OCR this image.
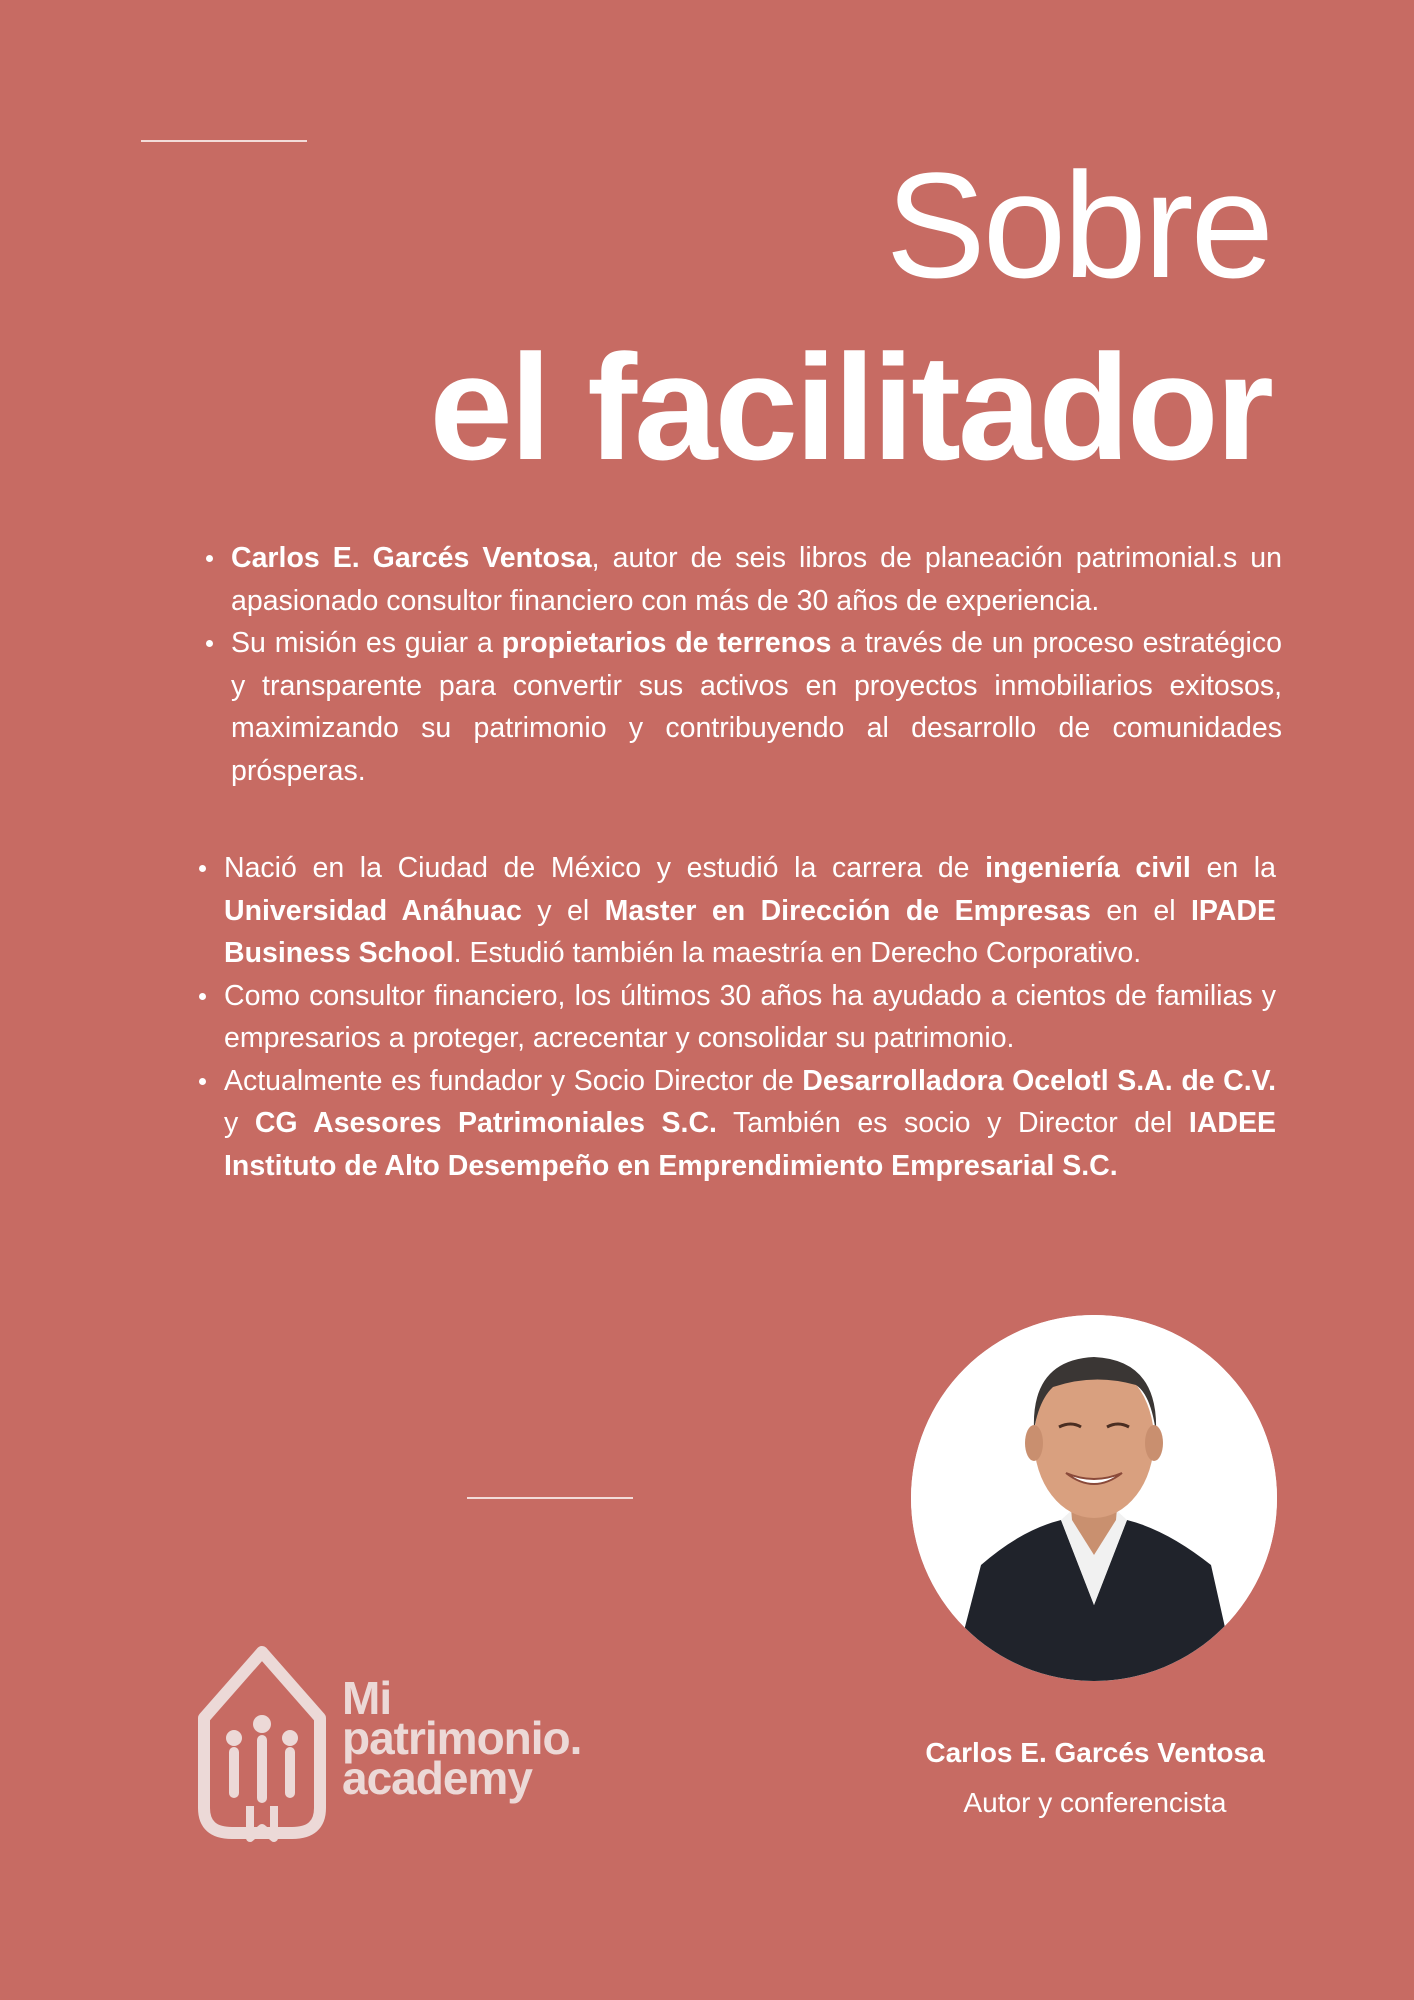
Sobre
el facilitador
Carlos E. Garcés Ventosa, autor de seis libros de planeación patrimonial.s un apasionado consultor financiero con más de 30 años de experiencia.
Su misión es guiar a propietarios de terrenos a través de un proceso estratégico y transparente para convertir sus activos en proyectos inmobiliarios exitosos, maximizando su patrimonio y contribuyendo al desarrollo de comunidades prósperas.
Nació en la Ciudad de México y estudió la carrera de ingeniería civil en la Universidad Anáhuac y el Master en Dirección de Empresas en el IPADE Business School. Estudió también la maestría en Derecho Corporativo.
Como consultor financiero, los últimos 30 años ha ayudado a cientos de familias y empresarios a proteger, acrecentar y consolidar su patrimonio.
Actualmente es fundador y Socio Director de Desarrolladora Ocelotl S.A. de C.V. y CG Asesores Patrimoniales S.C. También es socio y Director del IADEE Instituto de Alto Desempeño en Emprendimiento Empresarial S.C.

Carlos E. Garcés Ventosa

Autor y conferencista

Mi
patrimonio.
academy
